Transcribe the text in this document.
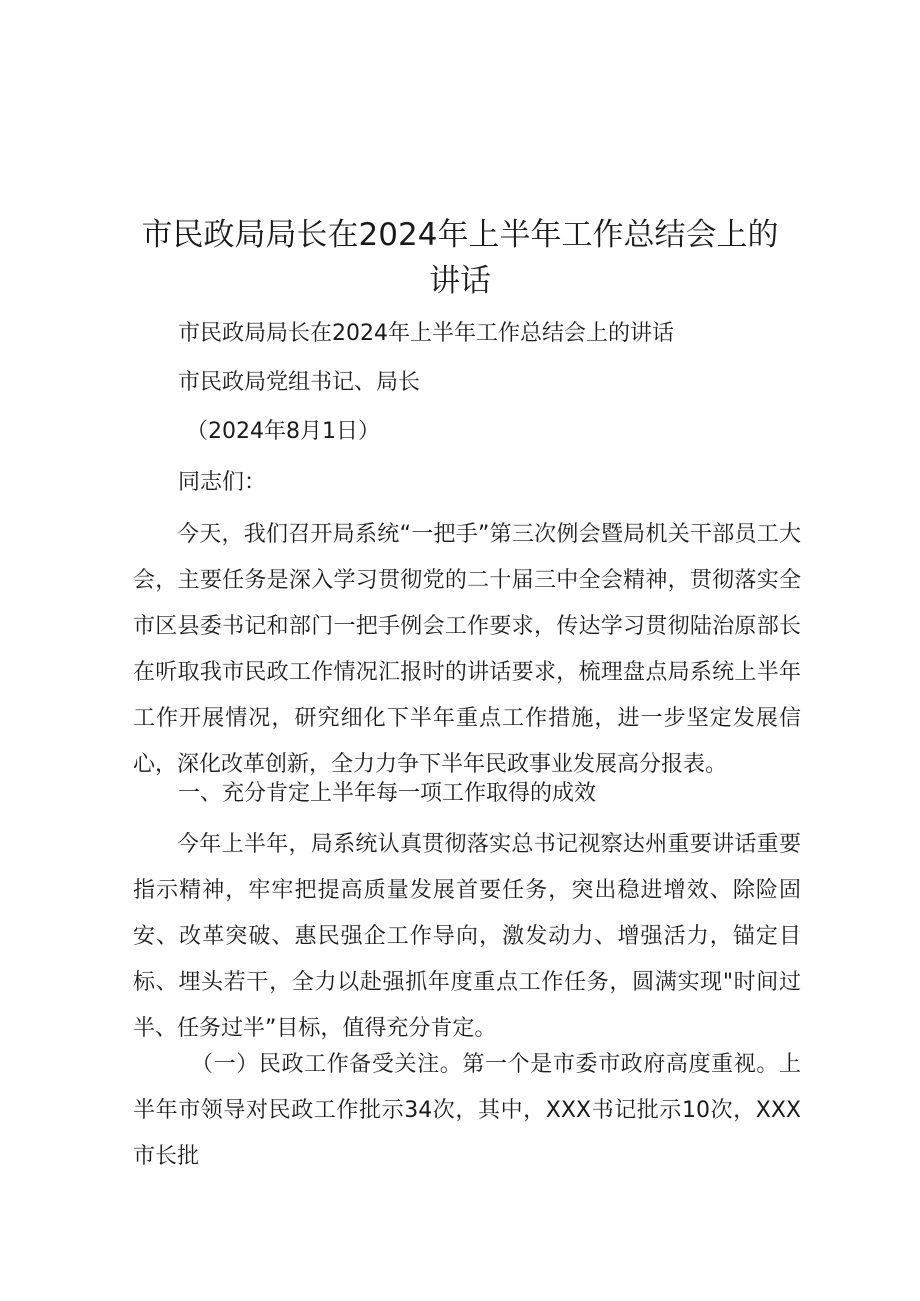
市民政局局长在2024年上半年工作总结会上的讲话
市民政局局长在2024年上半年工作总结会上的讲话
市民政局党组书记、局长
（2024年8月1日）
同志们：

今天，我们召开局系统“一把手”第三次例会暨局机关干部员工大会，主要任务是深入学习贯彻党的二十届三中全会精神，贯彻落实全市区县委书记和部门一把手例会工作要求，传达学习贯彻陆治原部长在听取我市民政工作情况汇报时的讲话要求，梳理盘点局系统上半年工作开展情况，研究细化下半年重点工作措施，进一步坚定发展信心，深化改革创新，全力力争下半年民政事业发展高分报表。

一、充分肯定上半年每一项工作取得的成效

今年上半年，局系统认真贯彻落实总书记视察达州重要讲话重要指示精神，牢牢把提高质量发展首要任务，突出稳进增效、除险固安、改革突破、惠民强企工作导向，激发动力、增强活力，锚定目标、埋头若干，全力以赴强抓年度重点工作任务，圆满实现"时间过半、任务过半”目标，值得充分肯定。

（一）民政工作备受关注。第一个是市委市政府高度重视。上半年市领导对民政工作批示34次，其中，XXX书记批示10次，XXX市长批
